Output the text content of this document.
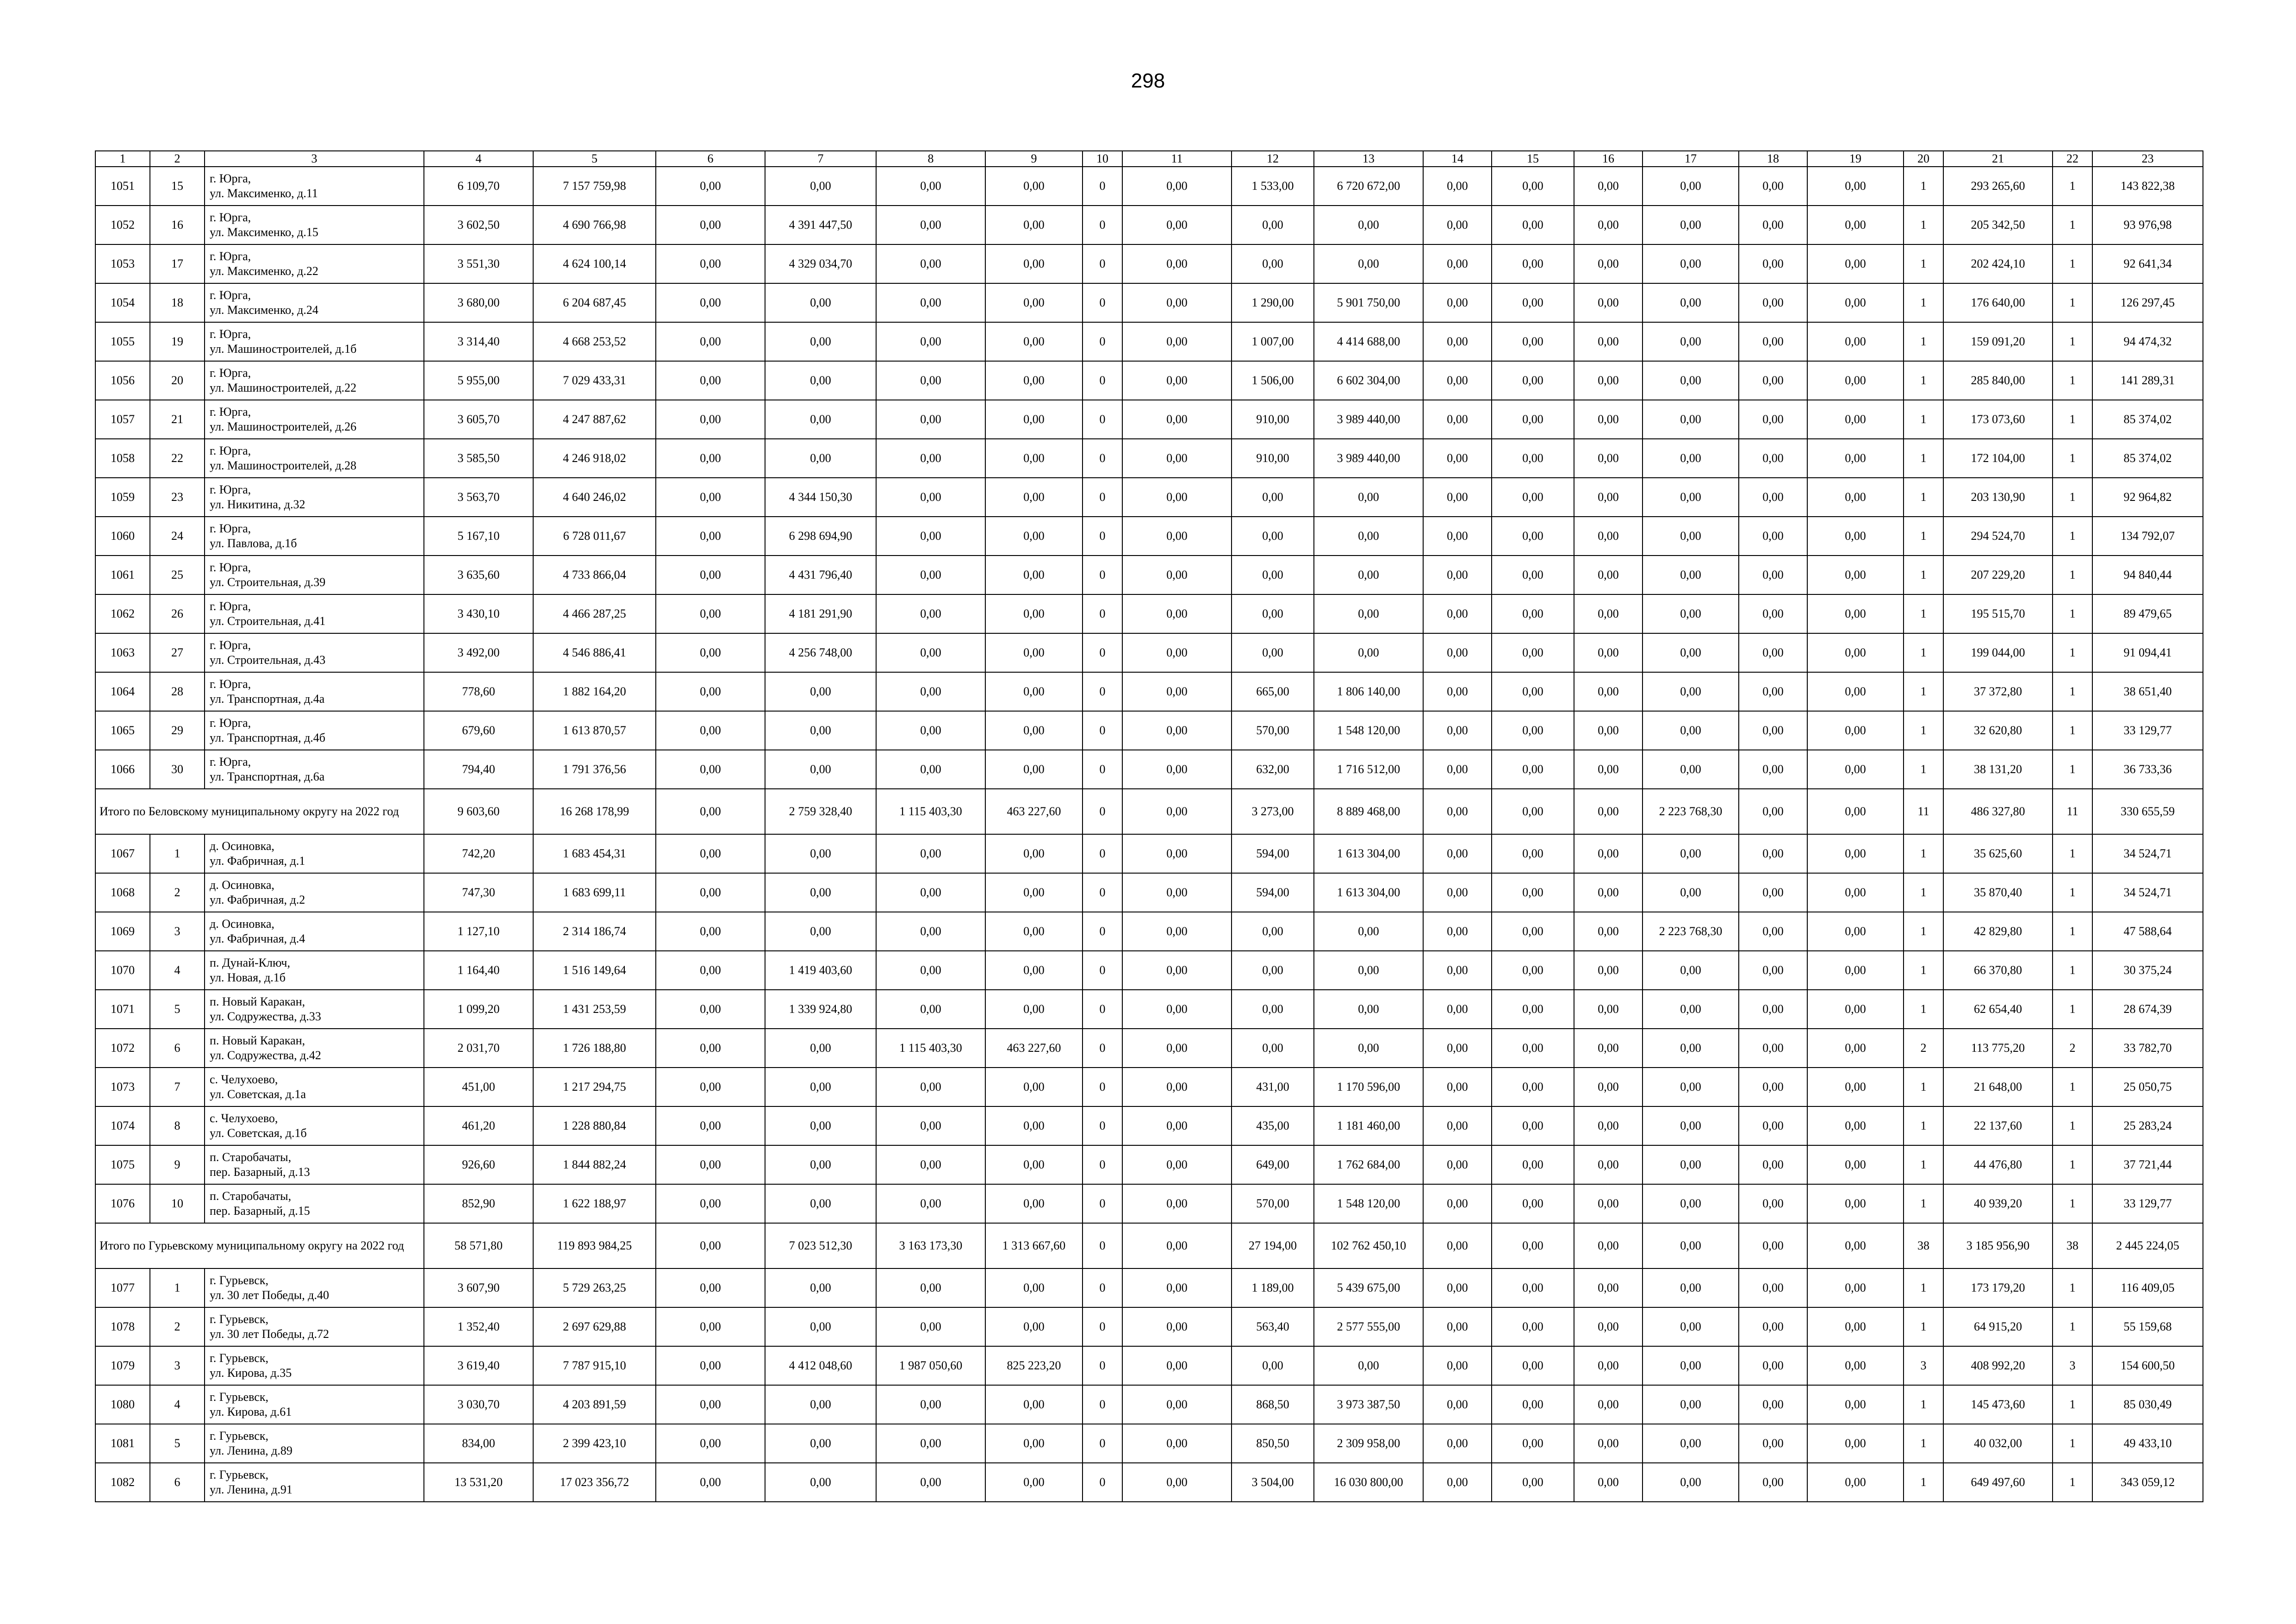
298
1	2	3	4	5	6	7	8	9	10	11	12	13	14	15	16	17	18	19	20	21	22	23
1051	15	г. Юрга,
ул. Максименко, д.11	6 109,70	7 157 759,98	0,00	0,00	0,00	0,00	0	0,00	1 533,00	6 720 672,00	0,00	0,00	0,00	0,00	0,00	0,00	1	293 265,60	1	143 822,38
1052	16	г. Юрга,
ул. Максименко, д.15	3 602,50	4 690 766,98	0,00	4 391 447,50	0,00	0,00	0	0,00	0,00	0,00	0,00	0,00	0,00	0,00	0,00	0,00	1	205 342,50	1	93 976,98
1053	17	г. Юрга,
ул. Максименко, д.22	3 551,30	4 624 100,14	0,00	4 329 034,70	0,00	0,00	0	0,00	0,00	0,00	0,00	0,00	0,00	0,00	0,00	0,00	1	202 424,10	1	92 641,34
1054	18	г. Юрга,
ул. Максименко, д.24	3 680,00	6 204 687,45	0,00	0,00	0,00	0,00	0	0,00	1 290,00	5 901 750,00	0,00	0,00	0,00	0,00	0,00	0,00	1	176 640,00	1	126 297,45
1055	19	г. Юрга,
ул. Машиностроителей, д.1б	3 314,40	4 668 253,52	0,00	0,00	0,00	0,00	0	0,00	1 007,00	4 414 688,00	0,00	0,00	0,00	0,00	0,00	0,00	1	159 091,20	1	94 474,32
1056	20	г. Юрга,
ул. Машиностроителей, д.22	5 955,00	7 029 433,31	0,00	0,00	0,00	0,00	0	0,00	1 506,00	6 602 304,00	0,00	0,00	0,00	0,00	0,00	0,00	1	285 840,00	1	141 289,31
1057	21	г. Юрга,
ул. Машиностроителей, д.26	3 605,70	4 247 887,62	0,00	0,00	0,00	0,00	0	0,00	910,00	3 989 440,00	0,00	0,00	0,00	0,00	0,00	0,00	1	173 073,60	1	85 374,02
1058	22	г. Юрга,
ул. Машиностроителей, д.28	3 585,50	4 246 918,02	0,00	0,00	0,00	0,00	0	0,00	910,00	3 989 440,00	0,00	0,00	0,00	0,00	0,00	0,00	1	172 104,00	1	85 374,02
1059	23	г. Юрга,
ул. Никитина, д.32	3 563,70	4 640 246,02	0,00	4 344 150,30	0,00	0,00	0	0,00	0,00	0,00	0,00	0,00	0,00	0,00	0,00	0,00	1	203 130,90	1	92 964,82
1060	24	г. Юрга,
ул. Павлова, д.1б	5 167,10	6 728 011,67	0,00	6 298 694,90	0,00	0,00	0	0,00	0,00	0,00	0,00	0,00	0,00	0,00	0,00	0,00	1	294 524,70	1	134 792,07
1061	25	г. Юрга,
ул. Строительная, д.39	3 635,60	4 733 866,04	0,00	4 431 796,40	0,00	0,00	0	0,00	0,00	0,00	0,00	0,00	0,00	0,00	0,00	0,00	1	207 229,20	1	94 840,44
1062	26	г. Юрга,
ул. Строительная, д.41	3 430,10	4 466 287,25	0,00	4 181 291,90	0,00	0,00	0	0,00	0,00	0,00	0,00	0,00	0,00	0,00	0,00	0,00	1	195 515,70	1	89 479,65
1063	27	г. Юрга,
ул. Строительная, д.43	3 492,00	4 546 886,41	0,00	4 256 748,00	0,00	0,00	0	0,00	0,00	0,00	0,00	0,00	0,00	0,00	0,00	0,00	1	199 044,00	1	91 094,41
1064	28	г. Юрга,
ул. Транспортная, д.4а	778,60	1 882 164,20	0,00	0,00	0,00	0,00	0	0,00	665,00	1 806 140,00	0,00	0,00	0,00	0,00	0,00	0,00	1	37 372,80	1	38 651,40
1065	29	г. Юрга,
ул. Транспортная, д.4б	679,60	1 613 870,57	0,00	0,00	0,00	0,00	0	0,00	570,00	1 548 120,00	0,00	0,00	0,00	0,00	0,00	0,00	1	32 620,80	1	33 129,77
1066	30	г. Юрга,
ул. Транспортная, д.6а	794,40	1 791 376,56	0,00	0,00	0,00	0,00	0	0,00	632,00	1 716 512,00	0,00	0,00	0,00	0,00	0,00	0,00	1	38 131,20	1	36 733,36
Итого по Беловскому муниципальному округу на 2022 год			9 603,60	16 268 178,99	0,00	2 759 328,40	1 115 403,30	463 227,60	0	0,00	3 273,00	8 889 468,00	0,00	0,00	0,00	2 223 768,30	0,00	0,00	11	486 327,80	11	330 655,59
1067	1	д. Осиновка,
ул. Фабричная, д.1	742,20	1 683 454,31	0,00	0,00	0,00	0,00	0	0,00	594,00	1 613 304,00	0,00	0,00	0,00	0,00	0,00	0,00	1	35 625,60	1	34 524,71
1068	2	д. Осиновка,
ул. Фабричная, д.2	747,30	1 683 699,11	0,00	0,00	0,00	0,00	0	0,00	594,00	1 613 304,00	0,00	0,00	0,00	0,00	0,00	0,00	1	35 870,40	1	34 524,71
1069	3	д. Осиновка,
ул. Фабричная, д.4	1 127,10	2 314 186,74	0,00	0,00	0,00	0,00	0	0,00	0,00	0,00	0,00	0,00	0,00	2 223 768,30	0,00	0,00	1	42 829,80	1	47 588,64
1070	4	п. Дунай-Ключ,
ул. Новая, д.1б	1 164,40	1 516 149,64	0,00	1 419 403,60	0,00	0,00	0	0,00	0,00	0,00	0,00	0,00	0,00	0,00	0,00	0,00	1	66 370,80	1	30 375,24
1071	5	п. Новый Каракан,
ул. Содружества, д.33	1 099,20	1 431 253,59	0,00	1 339 924,80	0,00	0,00	0	0,00	0,00	0,00	0,00	0,00	0,00	0,00	0,00	0,00	1	62 654,40	1	28 674,39
1072	6	п. Новый Каракан,
ул. Содружества, д.42	2 031,70	1 726 188,80	0,00	0,00	1 115 403,30	463 227,60	0	0,00	0,00	0,00	0,00	0,00	0,00	0,00	0,00	0,00	2	113 775,20	2	33 782,70
1073	7	с. Челухоево,
ул. Советская, д.1а	451,00	1 217 294,75	0,00	0,00	0,00	0,00	0	0,00	431,00	1 170 596,00	0,00	0,00	0,00	0,00	0,00	0,00	1	21 648,00	1	25 050,75
1074	8	с. Челухоево,
ул. Советская, д.1б	461,20	1 228 880,84	0,00	0,00	0,00	0,00	0	0,00	435,00	1 181 460,00	0,00	0,00	0,00	0,00	0,00	0,00	1	22 137,60	1	25 283,24
1075	9	п. Старобачаты,
пер. Базарный, д.13	926,60	1 844 882,24	0,00	0,00	0,00	0,00	0	0,00	649,00	1 762 684,00	0,00	0,00	0,00	0,00	0,00	0,00	1	44 476,80	1	37 721,44
1076	10	п. Старобачаты,
пер. Базарный, д.15	852,90	1 622 188,97	0,00	0,00	0,00	0,00	0	0,00	570,00	1 548 120,00	0,00	0,00	0,00	0,00	0,00	0,00	1	40 939,20	1	33 129,77
Итого по Гурьевскому муниципальному округу на 2022 год			58 571,80	119 893 984,25	0,00	7 023 512,30	3 163 173,30	1 313 667,60	0	0,00	27 194,00	102 762 450,10	0,00	0,00	0,00	0,00	0,00	0,00	38	3 185 956,90	38	2 445 224,05
1077	1	г. Гурьевск,
ул. 30 лет Победы, д.40	3 607,90	5 729 263,25	0,00	0,00	0,00	0,00	0	0,00	1 189,00	5 439 675,00	0,00	0,00	0,00	0,00	0,00	0,00	1	173 179,20	1	116 409,05
1078	2	г. Гурьевск,
ул. 30 лет Победы, д.72	1 352,40	2 697 629,88	0,00	0,00	0,00	0,00	0	0,00	563,40	2 577 555,00	0,00	0,00	0,00	0,00	0,00	0,00	1	64 915,20	1	55 159,68
1079	3	г. Гурьевск,
ул. Кирова, д.35	3 619,40	7 787 915,10	0,00	4 412 048,60	1 987 050,60	825 223,20	0	0,00	0,00	0,00	0,00	0,00	0,00	0,00	0,00	0,00	3	408 992,20	3	154 600,50
1080	4	г. Гурьевск,
ул. Кирова, д.61	3 030,70	4 203 891,59	0,00	0,00	0,00	0,00	0	0,00	868,50	3 973 387,50	0,00	0,00	0,00	0,00	0,00	0,00	1	145 473,60	1	85 030,49
1081	5	г. Гурьевск,
ул. Ленина, д.89	834,00	2 399 423,10	0,00	0,00	0,00	0,00	0	0,00	850,50	2 309 958,00	0,00	0,00	0,00	0,00	0,00	0,00	1	40 032,00	1	49 433,10
1082	6	г. Гурьевск,
ул. Ленина, д.91	13 531,20	17 023 356,72	0,00	0,00	0,00	0,00	0	0,00	3 504,00	16 030 800,00	0,00	0,00	0,00	0,00	0,00	0,00	1	649 497,60	1	343 059,12
